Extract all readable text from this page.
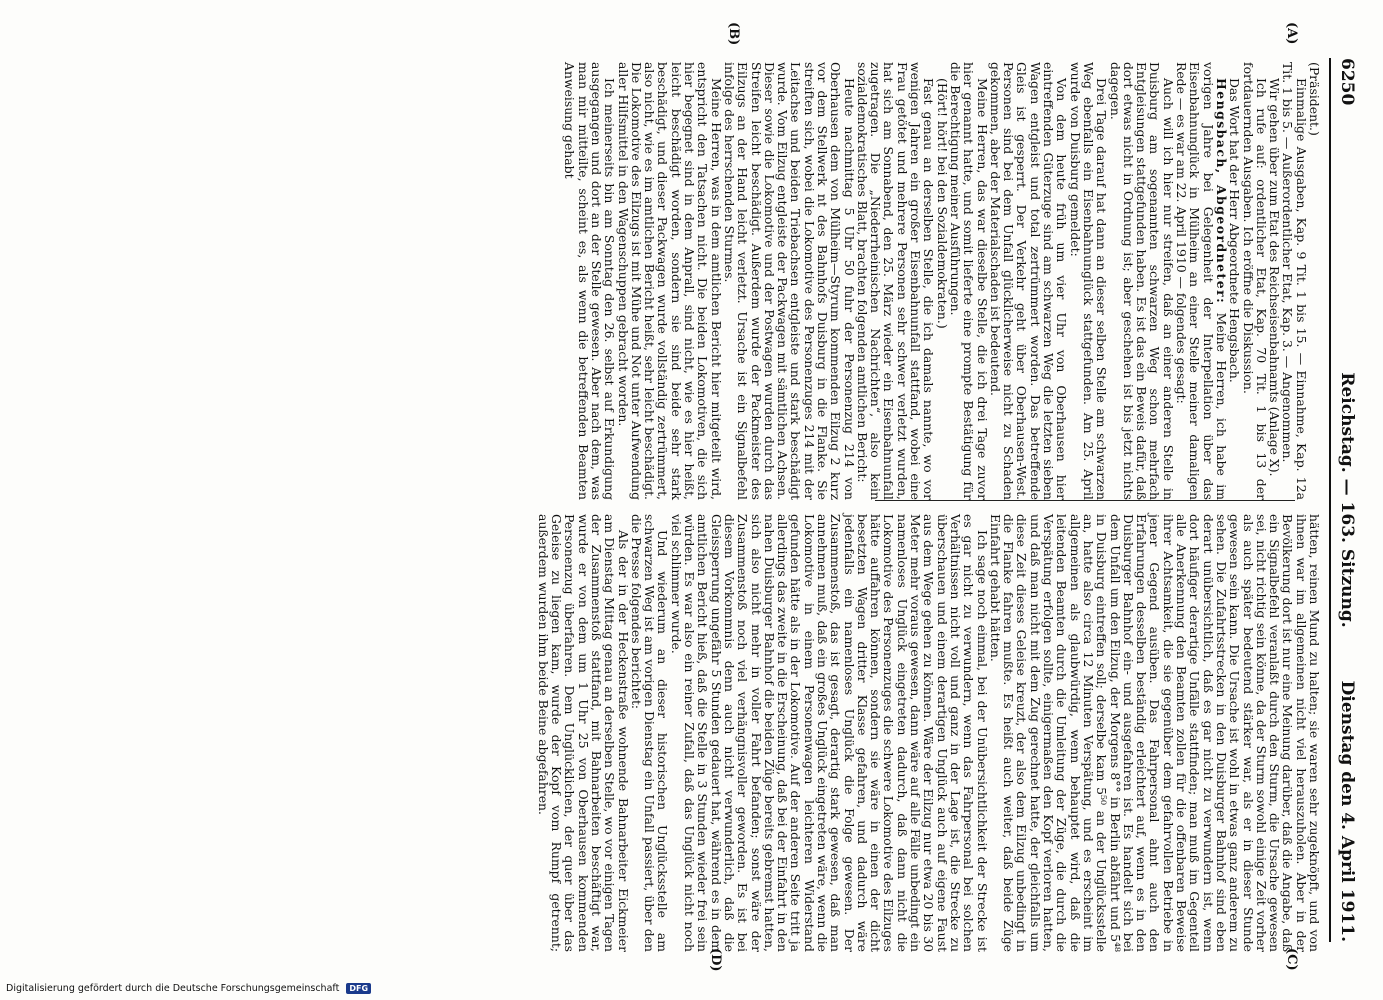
6250
Reichstag. — 163. Sitzung.
Dienstag den 4. April 1911.
(A)
(B)
(C)
(D)

(Präsident.)

Einmalige Ausgaben, Kap. 9 Tit. 1 bis 15. — Einnahme, Kap. 12a Tit. 1 bis 5. — Außerordentlicher Etat, Kap. 3. — Angenommen.

Wir gehen über zum Etat des Reichseisenbahnamts (Anlage X).

Ich rufe auf: ordentlicher Etat, Kap. 70 Tit. 1 bis 13 der fortdauernden Ausgaben. Ich eröffne die Diskussion.

Das Wort hat der Herr Abgeordnete Hengsbach.

Hengsbach, Abgeordneter: Meine Herren, ich habe im vorigen Jahre bei Gelegenheit der Interpellation über das Eisenbahnunglück in Mülheim an einer Stelle meiner damaligen Rede — es war am 22. April 1910 — folgendes gesagt:

Auch will ich hier nur streifen, daß an einer anderen Stelle in Duisburg am sogenannten schwarzen Weg schon mehrfach Entgleisungen stattgefunden haben. Es ist das ein Beweis dafür, daß dort etwas nicht in Ordnung ist; aber geschehen ist bis jetzt nichts dagegen.

Drei Tage darauf hat dann an dieser selben Stelle am schwarzen Weg ebenfalls ein Eisenbahnunglück stattgefunden. Am 25. April wurde von Duisburg gemeldet:

Von dem heute früh um vier Uhr von Oberhausen hier eintreffenden Güterzuge sind am schwarzen Weg die letzten sieben Wagen entgleist und total zertrümmert worden. Das betreffende Gleis ist gesperrt. Der Verkehr geht über Oberhausen-West. Personen sind bei dem Unfall glücklicherweise nicht zu Schaden gekommen, aber der Materialschaden ist bedeutend.

Meine Herren, das war dieselbe Stelle, die ich drei Tage zuvor hier genannt hatte, und somit lieferte eine prompte Bestätigung für die Berechtigung meiner Ausführungen.

(Hört! hört! bei den Sozialdemokraten.)

Fast genau an derselben Stelle, die ich damals nannte, wo vor wenigen Jahren ein großer Eisenbahnunfall stattfand, wobei eine Frau getötet und mehrere Personen sehr schwer verletzt wurden, hat sich am Sonnabend, den 25. März wieder ein Eisenbahnunfall zugetragen. Die „Niederrheinischen Nachrichten“, also kein sozialdemokratisches Blatt, brachten folgenden amtlichen Bericht:

Heute nachmittag 5 Uhr 50 fuhr der Personenzug 214 von Oberhausen dem von Mülheim—Styrum kommenden Eilzug 2 kurz vor dem Stellwerk nt des Bahnhofs Duisburg in die Flanke. Sie streiften sich, wobei die Lokomotive des Personenzuges 214 mit der Leitachse und beiden Triebachsen entgleiste und stark beschädigt wurde. Vom Eilzug entgleiste der Packwagen mit sämtlichen Achsen. Dieser sowie die Lokomotive und der Postwagen wurden durch das Streifen leicht beschädigt. Außerdem wurde der Packmeister des Eilzugs an der Hand leicht verletzt. Ursache ist ein Signalbefehl infolge des herrschenden Sturmes.

Meine Herren, was in dem amtlichen Bericht hier mitgeteilt wird, entspricht den Tatsachen nicht. Die beiden Lokomotiven, die sich hier begegnet sind in dem Anprall, sind nicht, wie es hier heißt, leicht beschädigt worden, sondern sie sind beide sehr stark beschädigt, und dieser Packwagen wurde vollständig zertrümmert, also nicht, wie es im amtlichen Bericht heißt, sehr leicht beschädigt. Die Lokomotive des Eilzugs ist mit Mühe und Not unter Aufwendung aller Hilfsmittel in den Wagenschuppen gebracht worden.

Ich meinerseits bin am Sonntag den 26. selbst auf Erkundigung ausgegangen und dort an der Stelle gewesen. Aber nach dem, was man mir mitteilte, scheint es, als wenn die betreffenden Beamten Anweisung gehabt

hätten, reinen Mund zu halten; sie waren sehr zugeknöpft, und von ihnen war im allgemeinen nicht viel herauszuholen. Aber in der Bevölkerung dort ist nur eine Meinung darüber, daß die Angabe, daß ein Signalbefehl veranlaßt durch den Sturm, die Ursache gewesen sei, nicht richtig sein könne, da der Sturm sowohl einige Zeit vorher als auch später bedeutend stärker war, als er in dieser Stunde gewesen sein kann. Die Ursache ist wohl in etwas ganz anderem zu sehen. Die Zufahrtsstrecken in den Duisburger Bahnhof sind eben derart unübersichtlich, daß es gar nicht zu verwundern ist, wenn dort häufiger derartige Unfälle stattfinden; man muß im Gegenteil alle Anerkennung den Beamten zollen für die offenbaren Beweise ihrer Achtsamkeit, die sie gegenüber dem gefahrvollen Betriebe in jener Gegend ausüben. Das Fahrpersonal ahnt auch den Erfahrungen desselben beständig erleichtert auf, wenn es in den Duisburger Bahnhof ein- und ausgefahren ist. Es handelt sich bei dem Unfall um den Eilzug, der Morgens 8°° in Berlin abfährt und 5⁴⁸ in Duisburg eintreffen soll; derselbe kam 5⁵⁰ an der Unglücksstelle an, hatte also circa 12 Minuten Verspätung, und es erscheint im allgemeinen als glaubwürdig, wenn behauptet wird, daß die leitenden Beamten durch die Umleitung der Züge, die durch die Verspätung erfolgen sollte, einigermaßen den Kopf verloren hatten, und daß man nicht mit dem Zug gerechnet hatte, der gleichfalls um diese Zeit dieses Geleise kreuzt, der also dem Eilzug unbedingt in die Flanke fahren mußte. Es heißt auch weiter, daß beide Züge Einfahrt gehabt hätten.

Ich sage noch einmal, bei der Unübersichtlichkeit der Strecke ist es gar nicht zu verwundern, wenn das Fahrpersonal bei solchen Verhältnissen nicht voll und ganz in der Lage ist, die Strecke zu überschauen und einem derartigen Unglück auch auf eigene Faust aus dem Wege gehen zu können. Wäre der Eilzug nur etwa 20 bis 30 Meter mehr voraus gewesen, dann wäre auf alle Fälle unbedingt ein namenloses Unglück eingetreten dadurch, daß dann nicht die Lokomotive des Personenzuges die schwere Lokomotive des Eilzuges hätte auffahren können, sondern sie wäre in einen der dicht besetzten Wagen dritter Klasse gefahren, und dadurch wäre jedenfalls ein namenloses Unglück die Folge gewesen. Der Zusammenstoß, das ist gesagt, derartig stark gewesen, daß man annehmen muß, daß ein großes Unglück eingetreten wäre, wenn die Lokomotive in einem Personenwagen leichteren Widerstand gefunden hätte als in der Lokomotive. Auf der anderen Seite tritt ja allerdings das zweite in die Erscheinung, daß bei der Einfahrt in den nahen Duisburger Bahnhof die beiden Züge bereits gebremst hatten, sich also nicht mehr in voller Fahrt befanden; sonst wäre der Zusammenstoß noch viel verhängnisvoller geworden. Es ist bei diesem Vorkommnis denn auch nicht verwunderlich, daß die Gleissperrung ungefähr 5 Stunden gedauert hat, während es in dem amtlichen Bericht hieß, daß die Stelle in 3 Stunden wieder frei sein würden. Es war also ein reiner Zufall, daß das Unglück nicht noch viel schlimmer wurde.

Und wiederum an dieser historischen Unglücksstelle am schwarzen Weg ist am vorigen Dienstag ein Unfall passiert, über den die Presse folgendes berichtet:

Als der in der Heckenstraße wohnende Bahnarbeiter Eickmeier am Dienstag Mittag genau an derselben Stelle, wo vor einigen Tagen der Zusammenstoß stattfand, mit Bahnarbeiten beschäftigt war, wurde er von dem um 1 Uhr 25 von Oberhausen kommenden Personenzug überfahren. Dem Unglücklichen, der quer über das Geleise zu liegen kam, wurde der Kopf vom Rumpf getrennt; außerdem wurden ihm beide Beine abgefahren.

Digitalisierung gefördert durch die Deutsche Forschungsgemeinschaft DFG
